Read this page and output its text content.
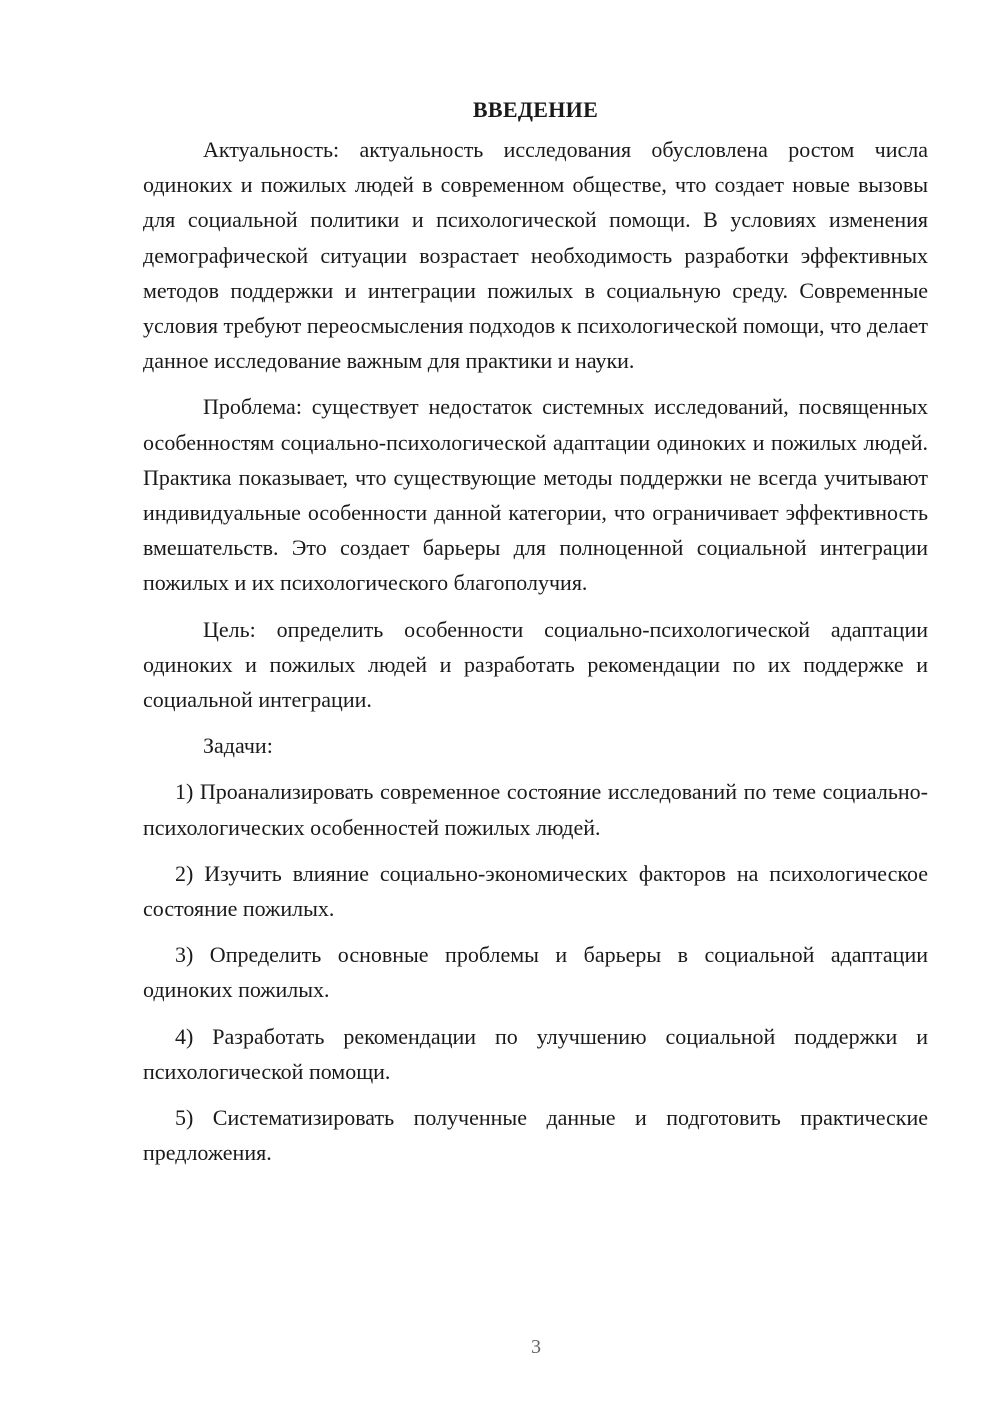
ВВЕДЕНИЕ

Актуальность: актуальность исследования обусловлена ростом числа одиноких и пожилых людей в современном обществе, что создает новые вызовы для социальной политики и психологической помощи. В условиях изменения демографической ситуации возрастает необходимость разработки эффективных методов поддержки и интеграции пожилых в социальную среду. Современные условия требуют переосмысления подходов к психологической помощи, что делает данное исследование важным для практики и науки.

Проблема: существует недостаток системных исследований, посвященных особенностям социально-психологической адаптации одиноких и пожилых людей. Практика показывает, что существующие методы поддержки не всегда учитывают индивидуальные особенности данной категории, что ограничивает эффективность вмешательств. Это создает барьеры для полноценной социальной интеграции пожилых и их психологического благополучия.

Цель: определить особенности социально-психологической адаптации одиноких и пожилых людей и разработать рекомендации по их поддержке и социальной интеграции.

Задачи:

1) Проанализировать современное состояние исследований по теме социально-психологических особенностей пожилых людей.

2) Изучить влияние социально-экономических факторов на психологическое состояние пожилых.

3) Определить основные проблемы и барьеры в социальной адаптации одиноких пожилых.

4) Разработать рекомендации по улучшению социальной поддержки и психологической помощи.

5) Систематизировать полученные данные и подготовить практические предложения.

3
